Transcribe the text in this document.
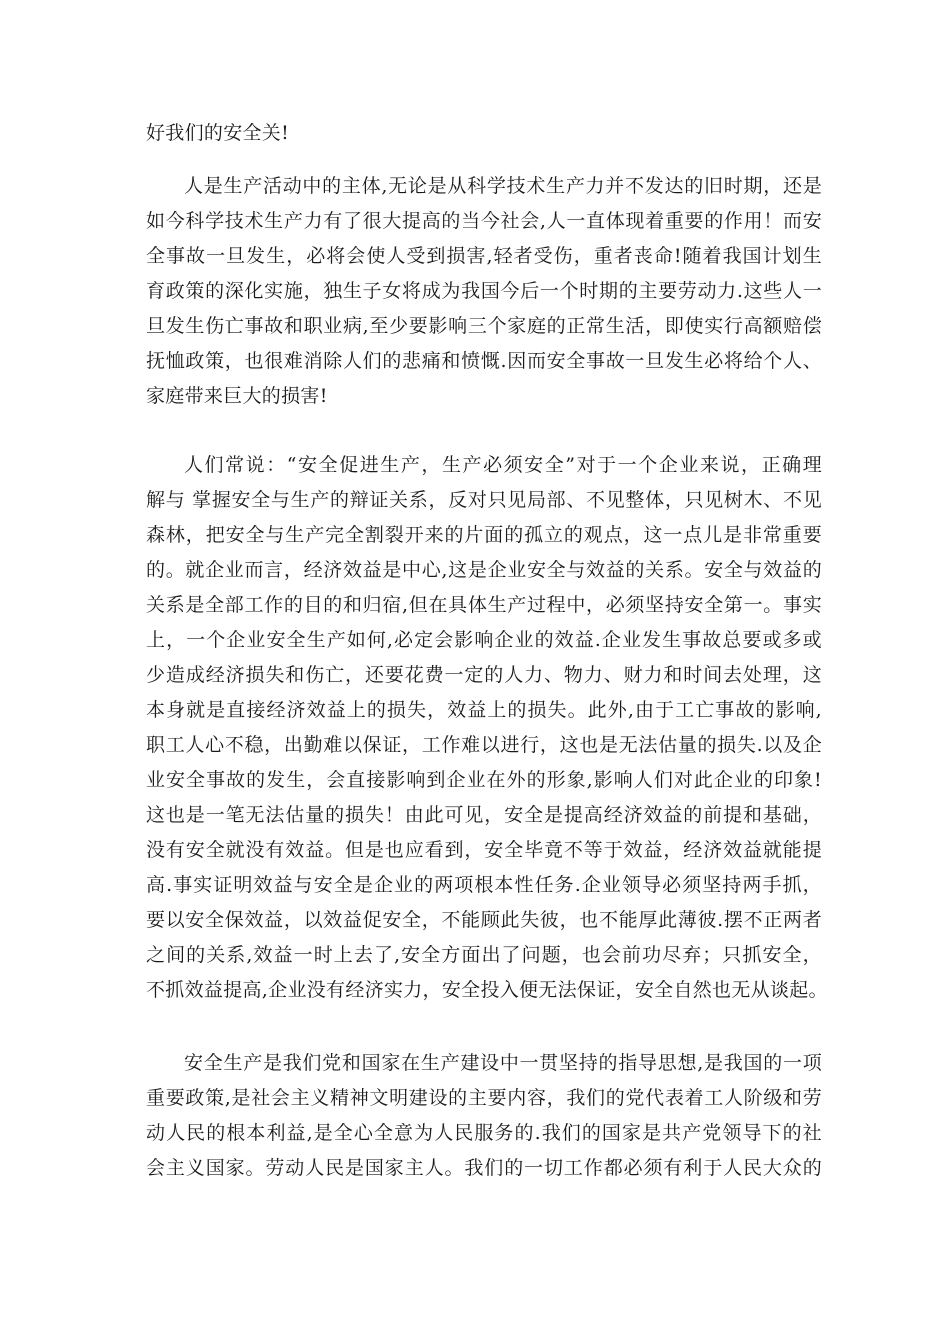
好我们的安全关!
人是生产活动中的主体,无论是从科学技术生产力并不发达的旧时期，还是
如今科学技术生产力有了很大提高的当今社会,人一直体现着重要的作用！而安
全事故一旦发生，必将会使人受到损害,轻者受伤，重者丧命!随着我国计划生
育政策的深化实施，独生子女将成为我国今后一个时期的主要劳动力.这些人一
旦发生伤亡事故和职业病,至少要影响三个家庭的正常生活，即使实行高额赔偿
抚恤政策，也很难消除人们的悲痛和愤慨.因而安全事故一旦发生必将给个人、
家庭带来巨大的损害!
人们常说：“安全促进生产，生产必须安全”对于一个企业来说，正确理
解与 掌握安全与生产的辩证关系，反对只见局部、不见整体，只见树木、不见
森林，把安全与生产完全割裂开来的片面的孤立的观点，这一点儿是非常重要
的。就企业而言，经济效益是中心,这是企业安全与效益的关系。安全与效益的
关系是全部工作的目的和归宿,但在具体生产过程中，必须坚持安全第一。事实
上，一个企业安全生产如何,必定会影响企业的效益.企业发生事故总要或多或
少造成经济损失和伤亡，还要花费一定的人力、物力、财力和时间去处理，这
本身就是直接经济效益上的损失，效益上的损失。此外,由于工亡事故的影响,
职工人心不稳，出勤难以保证，工作难以进行，这也是无法估量的损失.以及企
业安全事故的发生，会直接影响到企业在外的形象,影响人们对此企业的印象!
这也是一笔无法估量的损失！由此可见，安全是提高经济效益的前提和基础，
没有安全就没有效益。但是也应看到，安全毕竟不等于效益，经济效益就能提
高.事实证明效益与安全是企业的两项根本性任务.企业领导必须坚持两手抓，
要以安全保效益，以效益促安全，不能顾此失彼，也不能厚此薄彼.摆不正两者
之间的关系,效益一时上去了,安全方面出了问题，也会前功尽弃；只抓安全，
不抓效益提高,企业没有经济实力，安全投入便无法保证，安全自然也无从谈起。
安全生产是我们党和国家在生产建设中一贯坚持的指导思想,是我国的一项
重要政策,是社会主义精神文明建设的主要内容，我们的党代表着工人阶级和劳
动人民的根本利益,是全心全意为人民服务的.我们的国家是共产党领导下的社
会主义国家。劳动人民是国家主人。我们的一切工作都必须有利于人民大众的
